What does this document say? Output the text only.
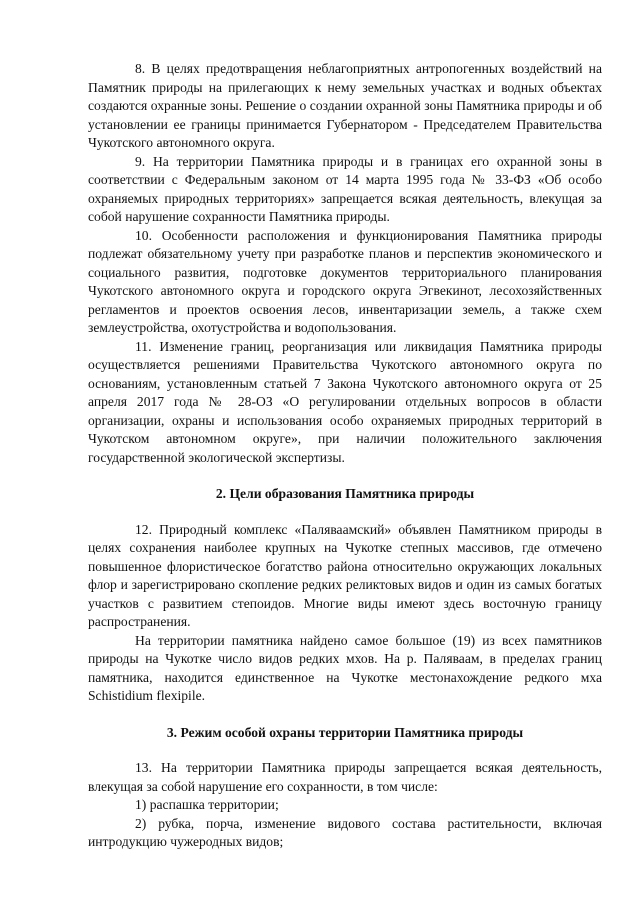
8. В целях предотвращения неблагоприятных антропогенных воздействий на Памятник природы на прилегающих к нему земельных участках и водных объектах создаются охранные зоны. Решение о создании охранной зоны Памятника природы и об установлении ее границы принимается Губернатором - Председателем Правительства Чукотского автономного округа.

9. На территории Памятника природы и в границах его охранной зоны в соответствии с Федеральным законом от 14 марта 1995 года № 33-ФЗ «Об особо охраняемых природных территориях» запрещается всякая деятельность, влекущая за собой нарушение сохранности Памятника природы.

10. Особенности расположения и функционирования Памятника природы подлежат обязательному учету при разработке планов и перспектив экономического и социального развития, подготовке документов территориального планирования Чукотского автономного округа и городского округа Эгвекинот, лесохозяйственных регламентов и проектов освоения лесов, инвентаризации земель, а также схем землеустройства, охотустройства и водопользования.

11. Изменение границ, реорганизация или ликвидация Памятника природы осуществляется решениями Правительства Чукотского автономного округа по основаниям, установленным статьей 7 Закона Чукотского автономного округа от 25 апреля 2017 года № 28-ОЗ «О регулировании отдельных вопросов в области организации, охраны и использования особо охраняемых природных территорий в Чукотском автономном округе», при наличии положительного заключения государственной экологической экспертизы.

2. Цели образования Памятника природы

12. Природный комплекс «Паляваамский» объявлен Памятником природы в целях сохранения наиболее крупных на Чукотке степных массивов, где отмечено повышенное флористическое богатство района относительно окружающих локальных флор и зарегистрировано скопление редких реликтовых видов и один из самых богатых участков с развитием степоидов. Многие виды имеют здесь восточную границу распространения.

На территории памятника найдено самое большое (19) из всех памятников природы на Чукотке число видов редких мхов. На р. Паляваам, в пределах границ памятника, находится единственное на Чукотке местонахождение редкого мха Schistidium flexipile.

3. Режим особой охраны территории Памятника природы

13. На территории Памятника природы запрещается всякая деятельность, влекущая за собой нарушение его сохранности, в том числе:

1) распашка территории;

2) рубка, порча, изменение видового состава растительности, включая интродукцию чужеродных видов;
